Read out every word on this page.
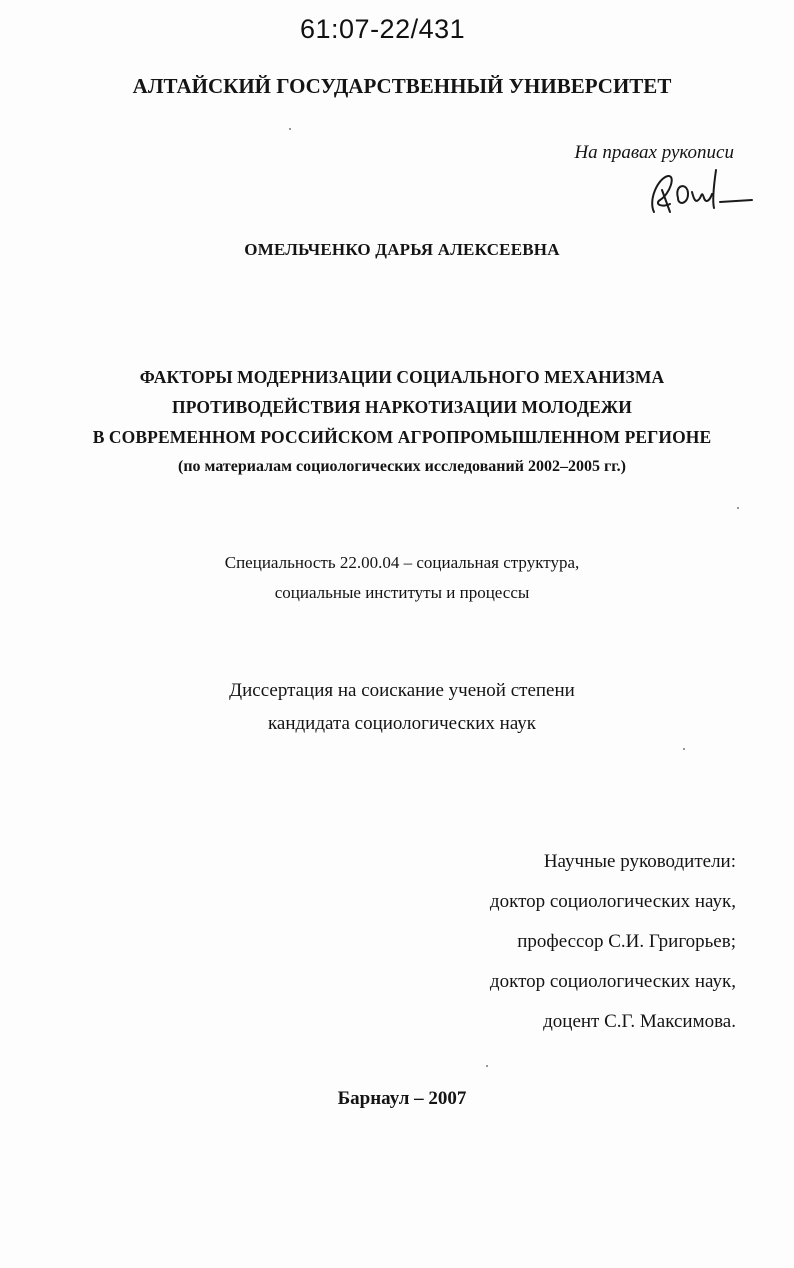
61:07-22/431
АЛТАЙСКИЙ ГОСУДАРСТВЕННЫЙ УНИВЕРСИТЕТ
На правах рукописи
ОМЕЛЬЧЕНКО ДАРЬЯ АЛЕКСЕЕВНА
ФАКТОРЫ МОДЕРНИЗАЦИИ СОЦИАЛЬНОГО МЕХАНИЗМА
ПРОТИВОДЕЙСТВИЯ НАРКОТИЗАЦИИ МОЛОДЕЖИ
В СОВРЕМЕННОМ РОССИЙСКОМ АГРОПРОМЫШЛЕННОМ РЕГИОНЕ
(по материалам социологических исследований 2002–2005 гг.)
Специальность 22.00.04 – социальная структура,
социальные институты и процессы
Диссертация на соискание ученой степени
кандидата социологических наук
Научные руководители:
доктор социологических наук,
профессор С.И. Григорьев;
доктор социологических наук,
доцент С.Г. Максимова.
Барнаул – 2007
